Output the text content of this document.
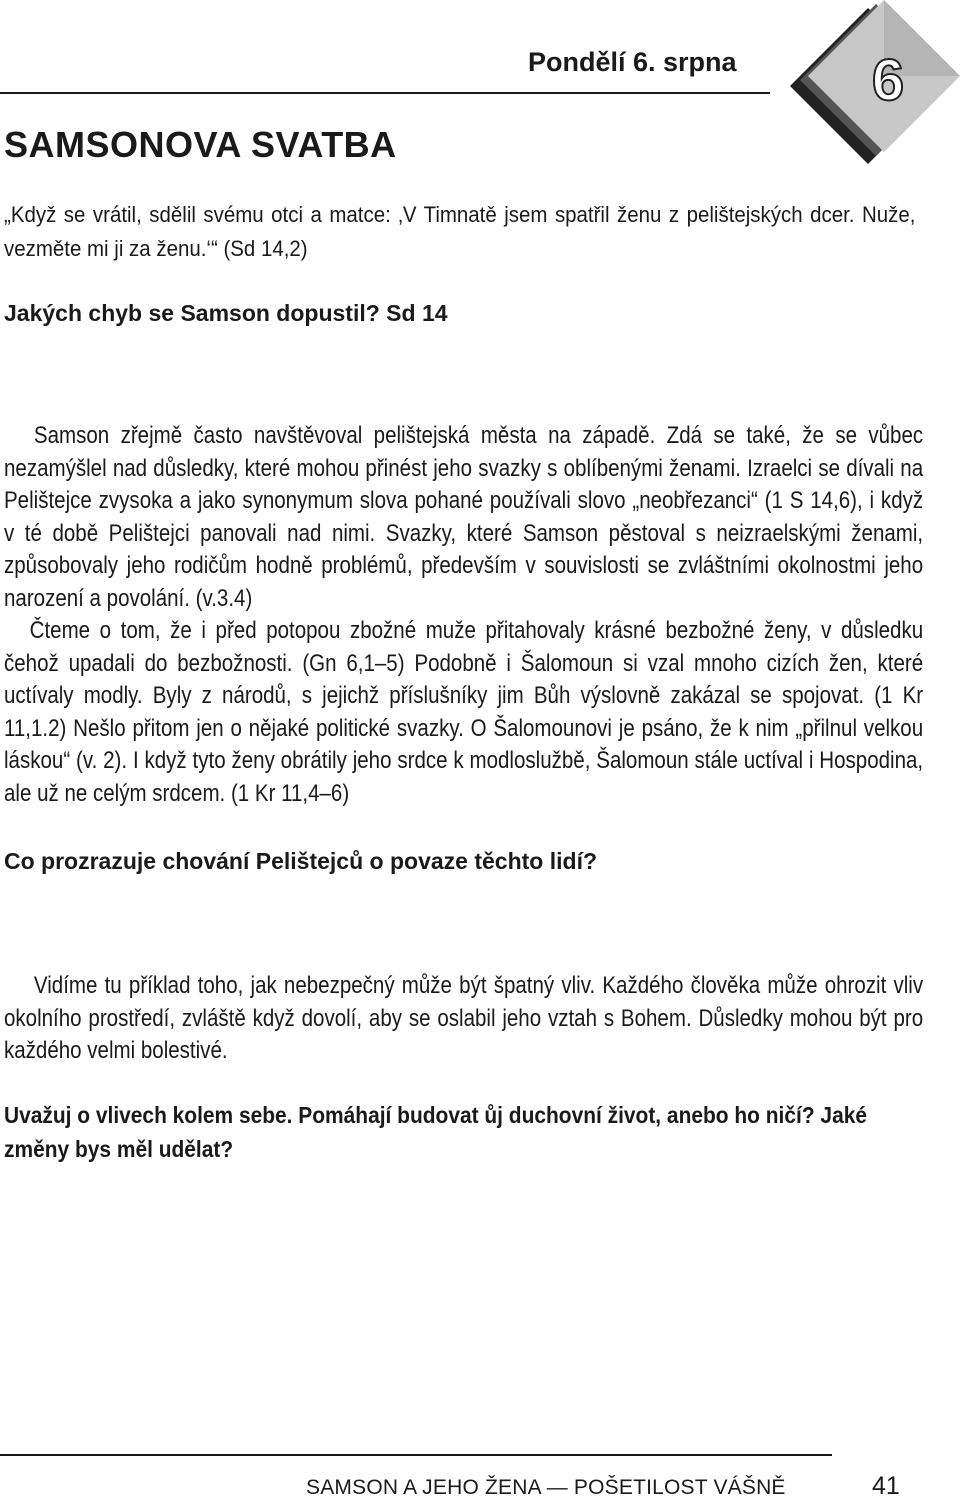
Pondělí 6. srpna 6
SAMSONOVA SVATBA
„Když se vrátil, sdělil svému otci a matce: ‚V Timnatě jsem spatřil ženu z pelištejských dcer. Nuže, vezměte mi ji za ženu.‘“ (Sd 14,2)
Jakých chyb se Samson dopustil? Sd 14

Samson zřejmě často navštěvoval pelištejská města na západě. Zdá se také, že se vůbec nezamýšlel nad důsledky, které mohou přinést jeho svazky s oblíbenými ženami. Izraelci se dívali na Pelištejce zvysoka a jako synonymum slova pohané používali slovo „neobřezanci“ (1 S 14,6), i když v té době Pelištejci panovali nad nimi. Svazky, které Samson pěstoval s neizraelskými ženami, způsobovaly jeho rodičům hodně problémů, především v souvislosti se zvláštními okolnostmi jeho narození a povolání. (v.3.4)

Čteme o tom, že i před potopou zbožné muže přitahovaly krásné bezbožné ženy, v důsledku čehož upadali do bezbožnosti. (Gn 6,1–5) Podobně i Šalomoun si vzal mnoho cizích žen, které uctívaly modly. Byly z národů, s jejichž příslušníky jim Bůh výslovně zakázal se spojovat. (1 Kr 11,1.2) Nešlo přitom jen o nějaké politické svazky. O Šalomounovi je psáno, že k nim „přilnul velkou láskou“ (v. 2). I když tyto ženy obrátily jeho srdce k modloslužbě, Šalomoun stále uctíval i Hospodina, ale už ne celým srdcem. (1 Kr 11,4–6)

Co prozrazuje chování Pelištejců o povaze těchto lidí?

Vidíme tu příklad toho, jak nebezpečný může být špatný vliv. Každého člověka může ohrozit vliv okolního prostředí, zvláště když dovolí, aby se oslabil jeho vztah s Bohem. Důsledky mohou být pro každého velmi bolestivé.

Uvažuj o vlivech kolem sebe. Pomáhají budovat ůj duchovní život, anebo ho ničí? Jaké změny bys měl udělat?
SAMSON A JEHO ŽENA — POŠETILOST VÁŠNĚ	41
